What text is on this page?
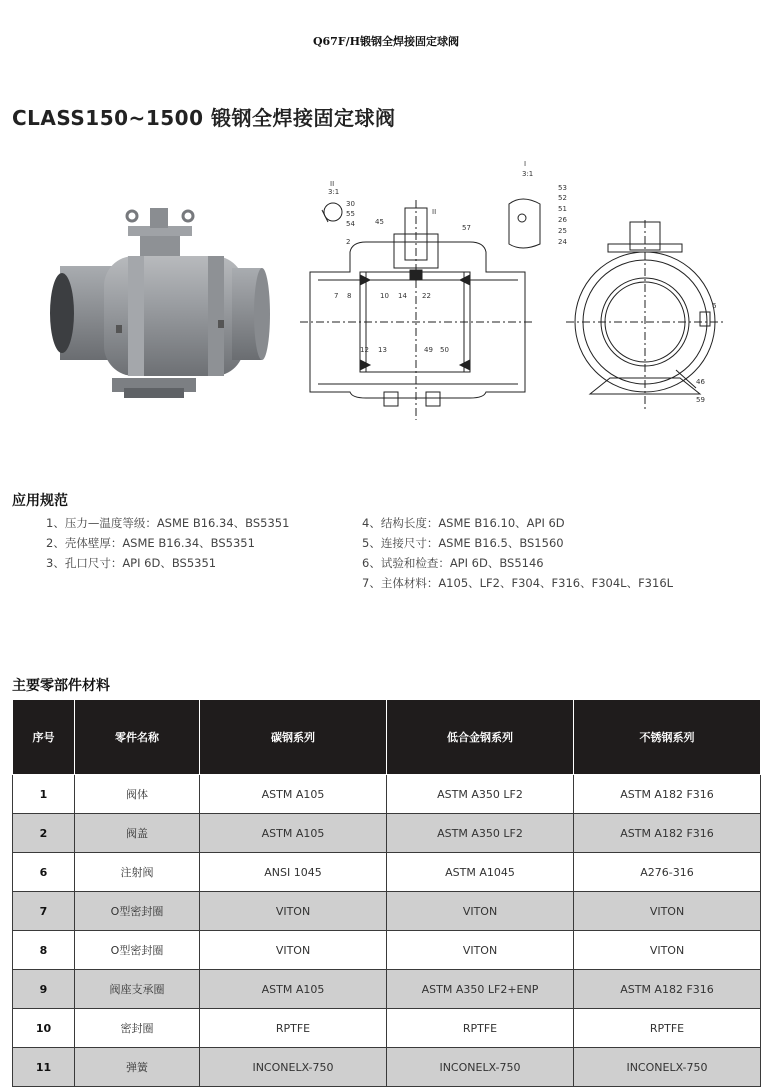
Q67F/H锻钢全焊接固定球阀
CLASS150~1500 锻钢全焊接固定球阀
II
3:1
I
3:1
30
55
54
53
52
51
26
25
24
2
45
II
57
7 8	10 14 22
12 13	49 50
6
46
59
应用规范
1、压力—温度等级：ASME B16.34、BS5351
2、壳体壁厚：ASME B16.34、BS5351
3、孔口尺寸：API 6D、BS5351
4、结构长度：ASME B16.10、API 6D
5、连接尺寸：ASME B16.5、BS1560
6、试验和检查：API 6D、BS5146
7、主体材料：A105、LF2、F304、F316、F304L、F316L
主要零部件材料
序号	零件名称	碳钢系列	低合金钢系列	不锈钢系列
1	阀体	ASTM A105	ASTM A350 LF2	ASTM A182 F316
2	阀盖	ASTM A105	ASTM A350 LF2	ASTM A182 F316
6	注射阀	ANSI 1045	ASTM A1045	A276-316
7	O型密封圈	VITON	VITON	VITON
8	O型密封圈	VITON	VITON	VITON
9	阀座支承圈	ASTM A105	ASTM A350 LF2+ENP	ASTM A182 F316
10	密封圈	RPTFE	RPTFE	RPTFE
11	弹簧	INCONELX-750	INCONELX-750	INCONELX-750
